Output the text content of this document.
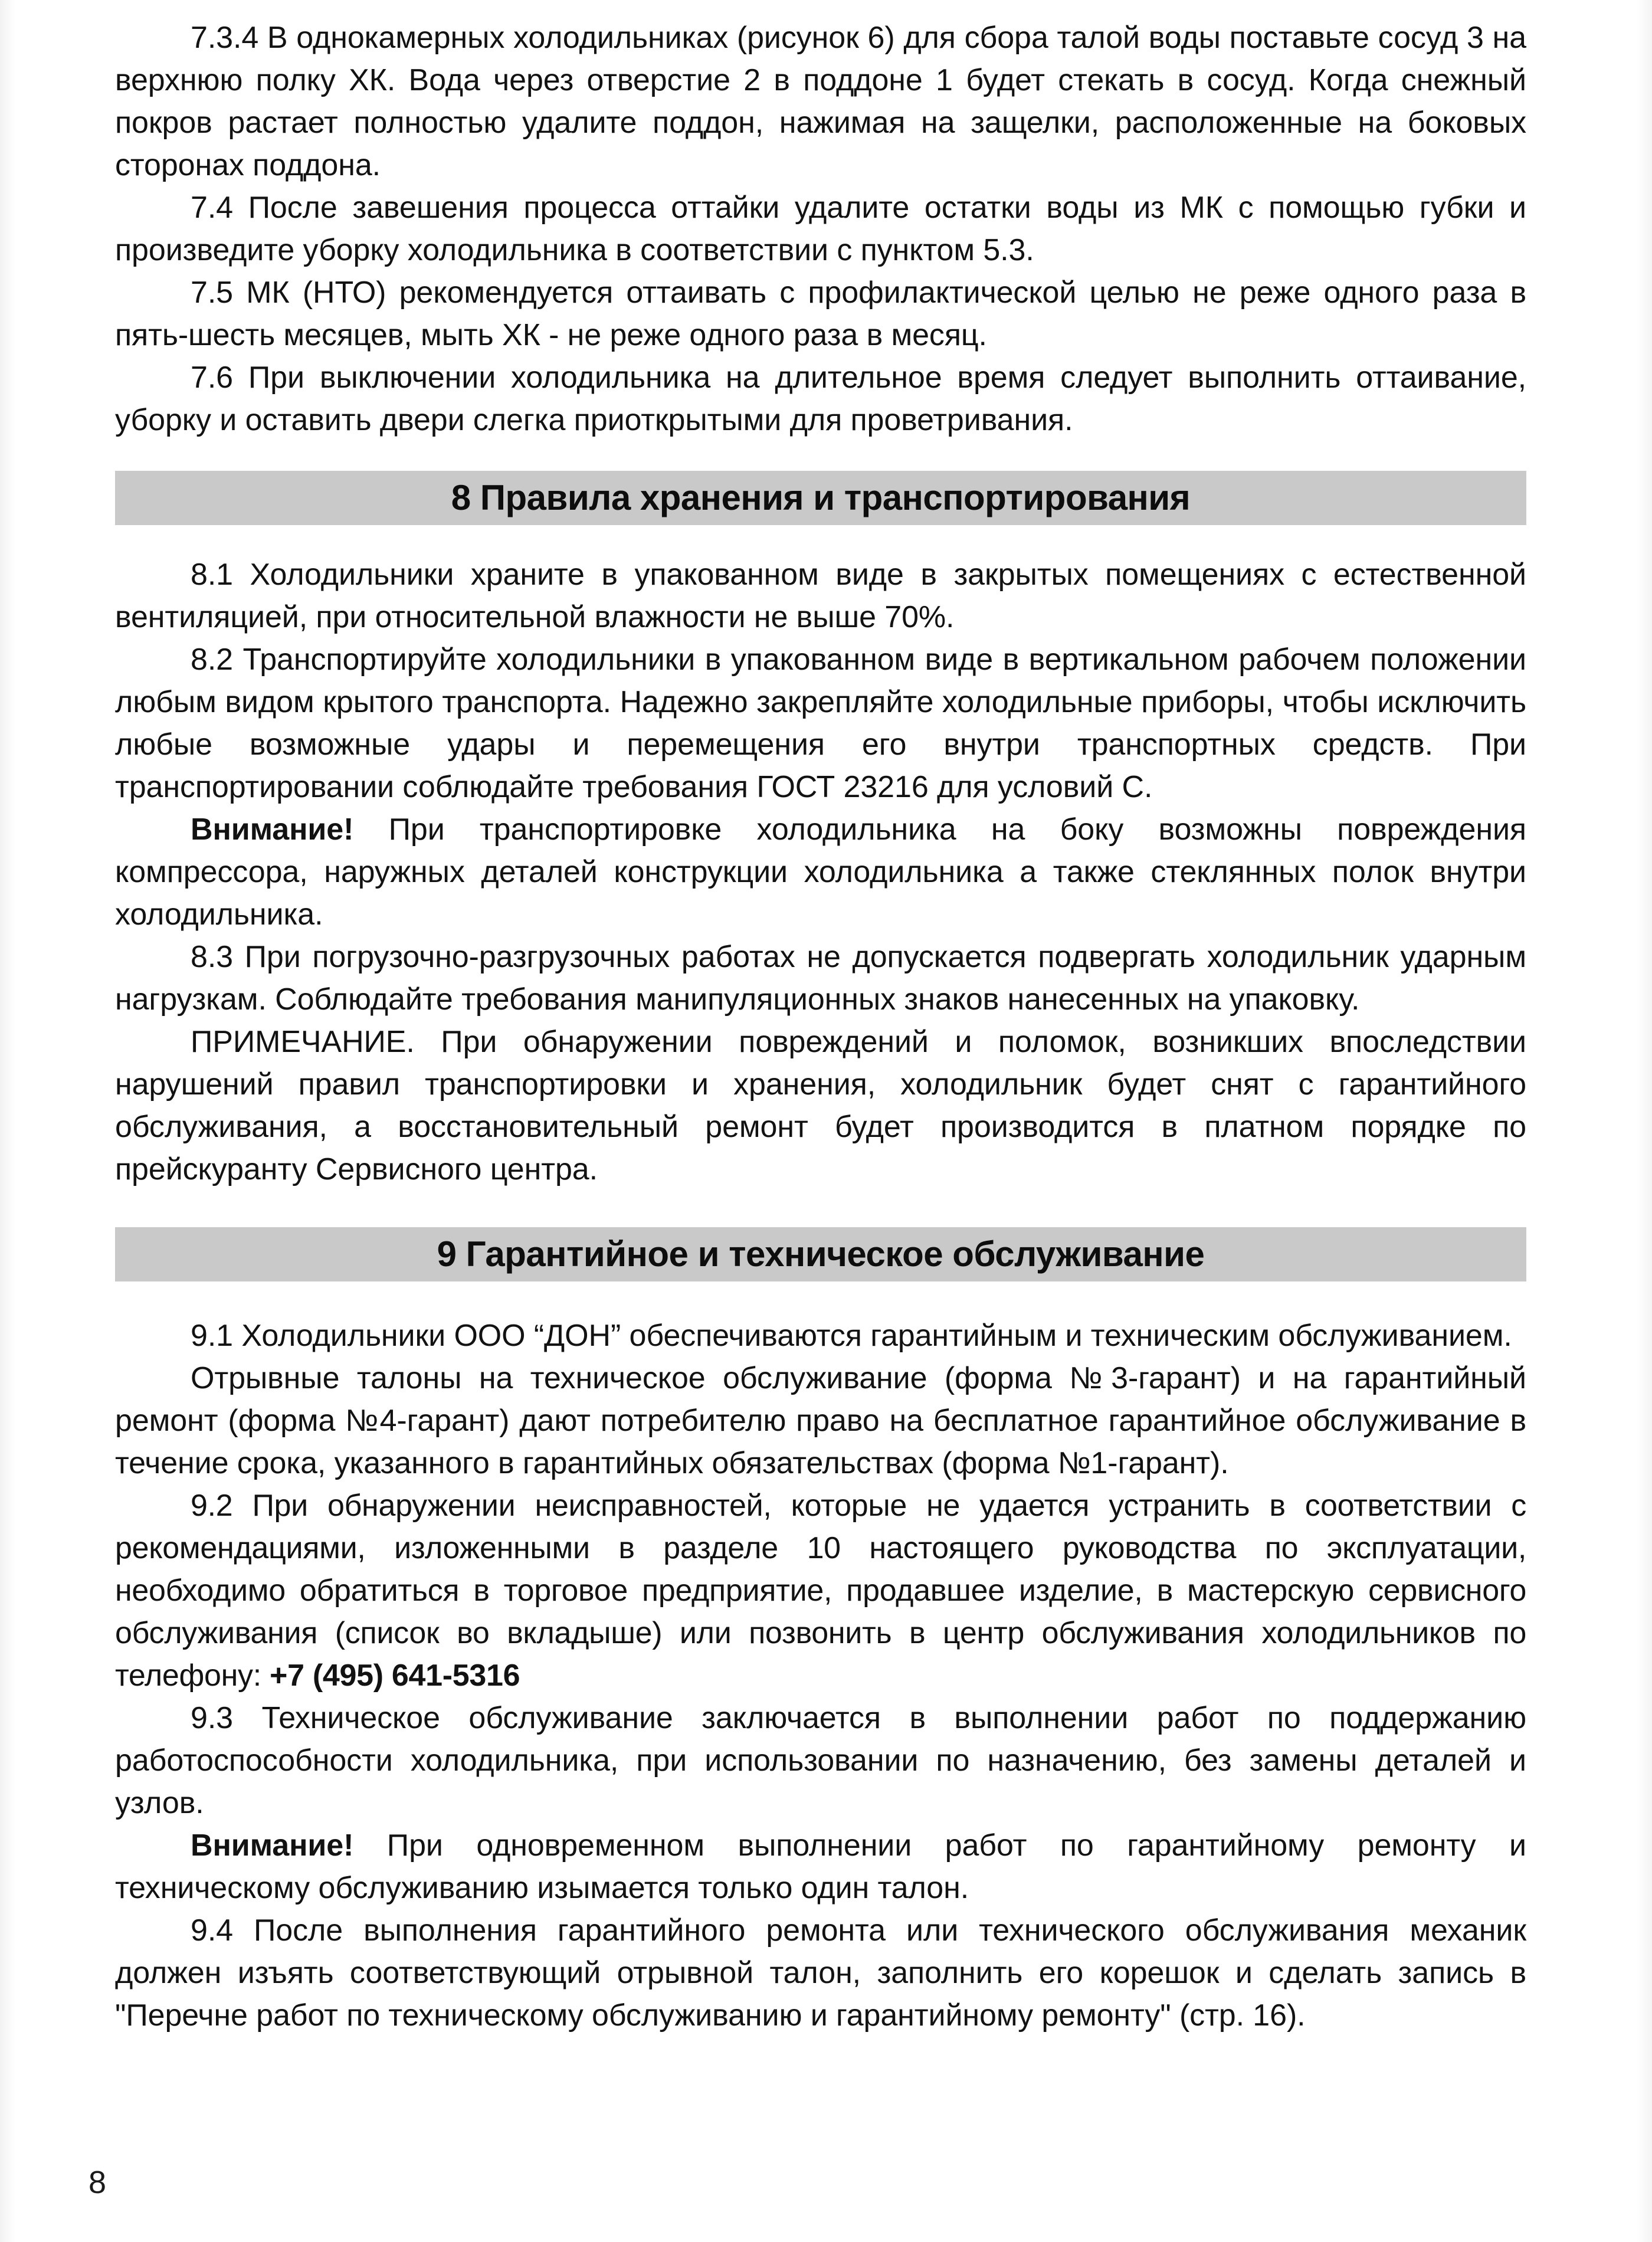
7.3.4 В однокамерных холодильниках (рисунок 6) для сбора талой воды поставьте сосуд 3 на верхнюю полку ХК. Вода через отверстие 2 в поддоне 1 будет стекать в сосуд. Когда снежный покров растает полностью удалите поддон, нажимая на защелки, расположенные на боковых сторонах поддона.

7.4 После завешения процесса оттайки удалите остатки воды из МК с помощью губки и произведите уборку холодильника в соответствии с пунктом 5.3.

7.5 МК (НТО) рекомендуется оттаивать с профилактической целью не реже одного раза в пять-шесть месяцев, мыть ХК - не реже одного раза в месяц.

7.6 При выключении холодильника на длительное время следует выполнить оттаивание, уборку и оставить двери слегка приоткрытыми для проветривания.

8 Правила хранения и транспортирования

8.1 Холодильники храните в упакованном виде в закрытых помещениях с естественной вентиляцией, при относительной влажности не выше 70%.

8.2 Транспортируйте холодильники в упакованном виде в вертикальном рабочем положении любым видом крытого транспорта. Надежно закрепляйте холодильные приборы, чтобы исключить любые возможные удары и перемещения его внутри транспортных средств. При транспортировании соблюдайте требования ГОСТ 23216 для условий С.

Внимание! При транспортировке холодильника на боку возможны повреждения компрессора, наружных деталей конструкции холодильника а также стеклянных полок внутри холодильника.

8.3 При погрузочно-разгрузочных работах не допускается подвергать холодильник ударным нагрузкам. Соблюдайте требования манипуляционных знаков нанесенных на упаковку.

ПРИМЕЧАНИЕ. При обнаружении повреждений и поломок, возникших впоследствии нарушений правил транспортировки и хранения, холодильник будет снят с гарантийного обслуживания, а восстановительный ремонт будет производится в платном порядке по прейскуранту Сервисного центра.

9 Гарантийное и техническое обслуживание

9.1 Холодильники ООО “ДОН” обеспечиваются гарантийным и техническим обслуживанием.

Отрывные талоны на техническое обслуживание (форма №3-гарант) и на гарантийный ремонт (форма №4-гарант) дают потребителю право на бесплатное гарантийное обслуживание в течение срока, указанного в гарантийных обязательствах (форма №1-гарант).

9.2 При обнаружении неисправностей, которые не удается устранить в соответствии с рекомендациями, изложенными в разделе 10 настоящего руководства по эксплуатации, необходимо обратиться в торговое предприятие, продавшее изделие, в мастерскую сервисного обслуживания (список во вкладыше) или позвонить в центр обслуживания холодильников по телефону: +7 (495) 641-5316

9.3 Техническое обслуживание заключается в выполнении работ по поддержанию работоспособности холодильника, при использовании по назначению, без замены деталей и узлов.

Внимание! При одновременном выполнении работ по гарантийному ремонту и техническому обслуживанию изымается только один талон.

9.4 После выполнения гарантийного ремонта или технического обслуживания механик должен изъять соответствующий отрывной талон, заполнить его корешок и сделать запись в "Перечне работ по техническому обслуживанию и гарантийному ремонту" (стр. 16).

8
